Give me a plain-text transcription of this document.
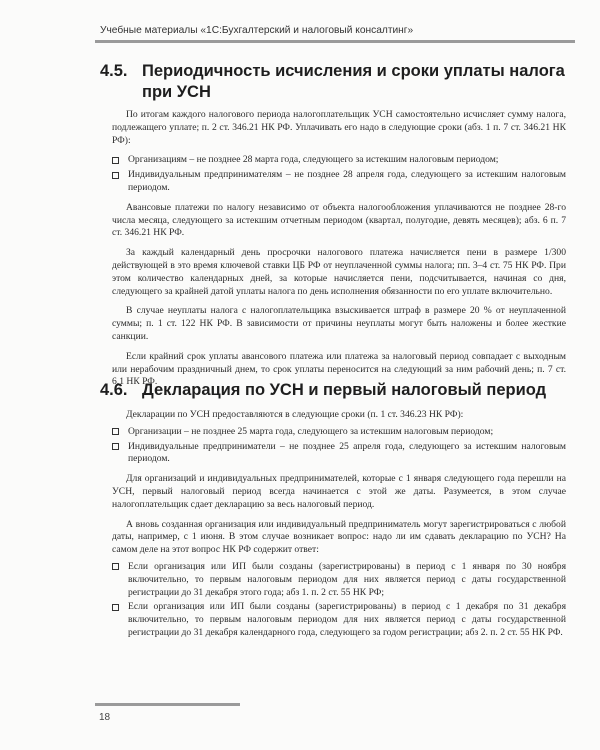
Учебные материалы «1С:Бухгалтерский и налоговый консалтинг»
4.5. Периодичность исчисления и сроки уплаты налога
при УСН

По итогам каждого налогового периода налогоплательщик УСН самостоятельно исчисляет сумму налога, подлежащего уплате; п. 2 ст. 346.21 НК РФ. Уплачивать его надо в следующие сроки (абз. 1 п. 7 ст. 346.21 НК РФ):

Организациям – не позднее 28 марта года, следующего за истекшим налоговым периодом;
Индивидуальным предпринимателям – не позднее 28 апреля года, следующего за истекшим налоговым периодом.

Авансовые платежи по налогу независимо от объекта налогообложения уплачиваются не позднее 28-го числа месяца, следующего за истекшим отчетным периодом (квартал, полугодие, девять месяцев); абз. 6 п. 7 ст. 346.21 НК РФ.

За каждый календарный день просрочки налогового платежа начисляется пени в размере 1/300 действующей в это время ключевой ставки ЦБ РФ от неуплаченной суммы налога; пп. 3–4 ст. 75 НК РФ. При этом количество календарных дней, за которые начисляется пени, подсчитывается, начиная со дня, следующего за крайней датой уплаты налога по день исполнения обязанности по его уплате включительно.

В случае неуплаты налога с налогоплательщика взыскивается штраф в размере 20 % от неуплаченной суммы; п. 1 ст. 122 НК РФ. В зависимости от причины неуплаты могут быть наложены и более жесткие санкции.

Если крайний срок уплаты авансового платежа или платежа за налоговый период совпадает с выходным или нерабочим праздничный днем, то срок уплаты переносится на следующий за ним рабочий день; п. 7 ст. 6.1 НК РФ.

4.6. Декларация по УСН и первый налоговый период

Декларации по УСН предоставляются в следующие сроки (п. 1 ст. 346.23 НК РФ):

Организации – не позднее 25 марта года, следующего за истекшим налоговым периодом;
Индивидуальные предприниматели – не позднее 25 апреля года, следующего за истекшим налоговым периодом.

Для организаций и индивидуальных предпринимателей, которые с 1 января следующего года перешли на УСН, первый налоговый период всегда начинается с этой же даты. Разумеется, в этом случае налогоплательщик сдает декларацию за весь налоговый период.

А вновь созданная организация или индивидуальный предприниматель могут зарегистрироваться с любой даты, например, с 1 июня. В этом случае возникает вопрос: надо ли им сдавать декларацию по УСН? На самом деле на этот вопрос НК РФ содержит ответ:

Если организация или ИП были созданы (зарегистрированы) в период с 1 января по 30 ноября включительно, то первым налоговым периодом для них является период с даты государственной регистрации до 31 декабря этого года; абз 1. п. 2 ст. 55 НК РФ;
Если организация или ИП были созданы (зарегистрированы) в период с 1 декабря по 31 декабря включительно, то первым налоговым периодом для них является период с даты государственной регистрации до 31 декабря календарного года, следующего за годом регистрации; абз 2. п. 2 ст. 55 НК РФ.
18
